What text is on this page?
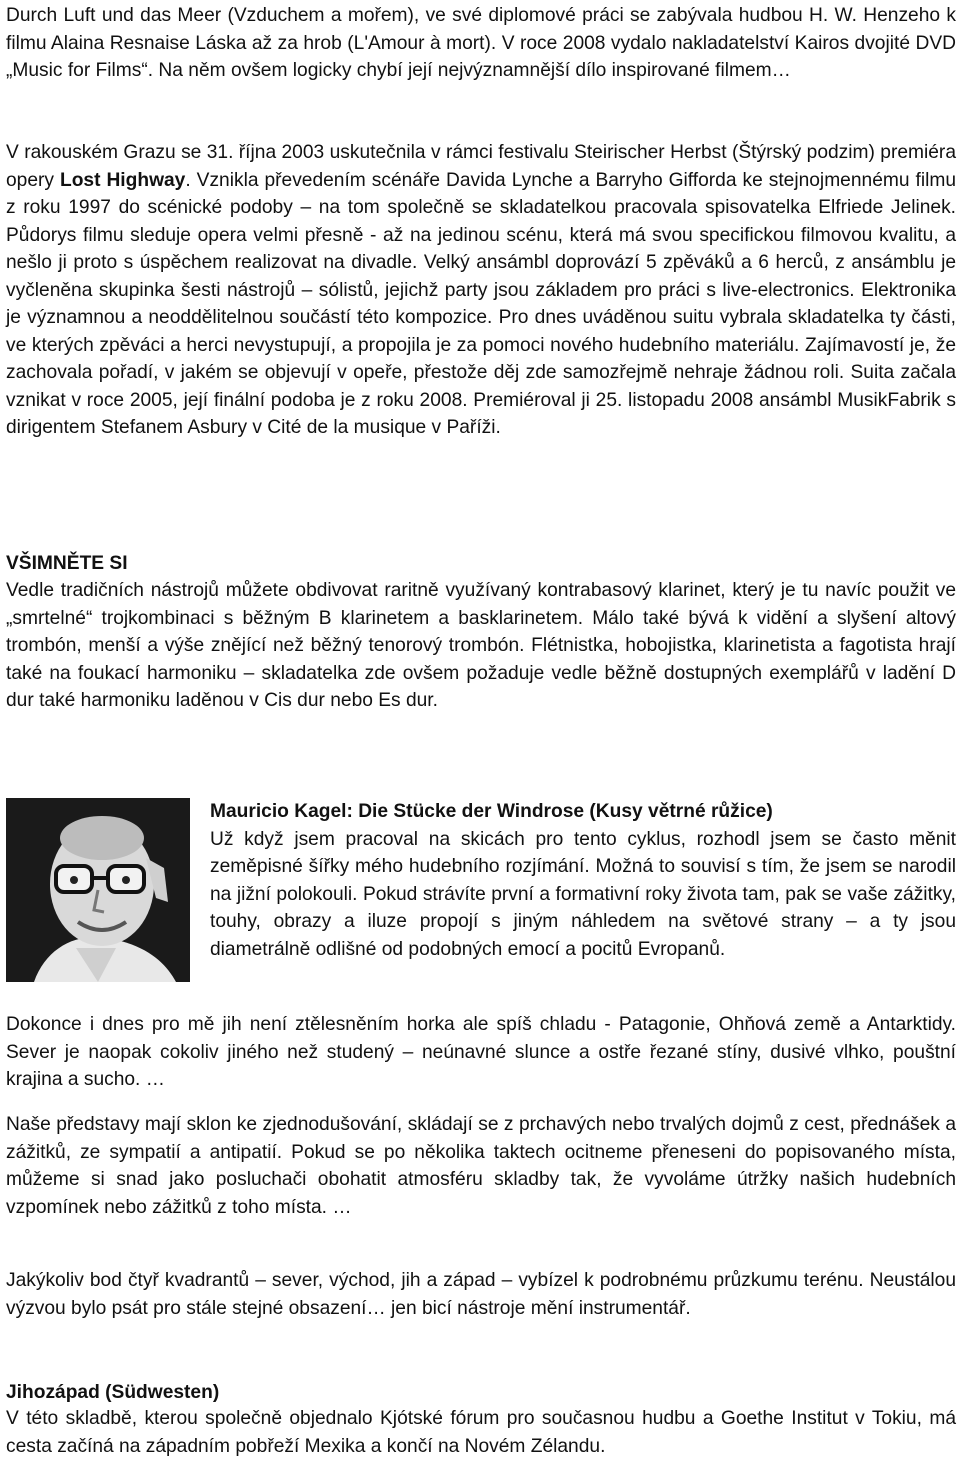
Durch Luft und das Meer (Vzduchem a mořem), ve své diplomové práci se zabývala hudbou H. W. Henzeho k filmu Alaina Resnaise Láska až za hrob (L'Amour à mort). V roce 2008 vydalo nakladatelství Kairos dvojité DVD „Music for Films“. Na něm ovšem logicky chybí její nejvýznamnější dílo inspirované filmem…

V rakouském Grazu se 31. října 2003 uskutečnila v rámci festivalu Steirischer Herbst (Štýrský podzim) premiéra opery Lost Highway. Vznikla převedením scénáře Davida Lynche a Barryho Gifforda ke stejnojmennému filmu z roku 1997 do scénické podoby – na tom společně se skladatelkou pracovala spisovatelka Elfriede Jelinek. Půdorys filmu sleduje opera velmi přesně - až na jedinou scénu, která má svou specifickou filmovou kvalitu, a nešlo ji proto s úspěchem realizovat na divadle. Velký ansámbl doprovází 5 zpěváků a 6 herců, z ansámblu je vyčleněna skupinka šesti nástrojů – sólistů, jejichž party jsou základem pro práci s live-electronics. Elektronika je významnou a neoddělitelnou součástí této kompozice. Pro dnes uváděnou suitu vybrala skladatelka ty části, ve kterých zpěváci a herci nevystupují, a propojila je za pomoci nového hudebního materiálu. Zajímavostí je, že zachovala pořadí, v jakém se objevují v opeře, přestože děj zde samozřejmě nehraje žádnou roli. Suita začala vznikat v roce 2005, její finální podoba je z roku 2008. Premiéroval ji 25. listopadu 2008 ansámbl MusikFabrik s dirigentem Stefanem Asbury v Cité de la musique v Paříži.

VŠIMNĚTE SI

Vedle tradičních nástrojů můžete obdivovat raritně využívaný kontrabasový klarinet, který je tu navíc použit ve „smrtelné“ trojkombinaci s běžným B klarinetem a basklarinetem. Málo také bývá k vidění a slyšení altový trombón, menší a výše znějící než běžný tenorový trombón. Flétnistka, hobojistka, klarinetista a fagotista hrají také na foukací harmoniku – skladatelka zde ovšem požaduje vedle běžně dostupných exemplářů v ladění D dur také harmoniku laděnou v Cis dur nebo Es dur.

Mauricio Kagel: Die Stücke der Windrose (Kusy větrné růžice)

Už když jsem pracoval na skicách pro tento cyklus, rozhodl jsem se často měnit zeměpisné šířky mého hudebního rozjímání. Možná to souvisí s tím, že jsem se narodil na jižní polokouli. Pokud strávíte první a formativní roky života tam, pak se vaše zážitky, touhy, obrazy a iluze propojí s jiným náhledem na světové strany – a ty jsou diametrálně odlišné od podobných emocí a pocitů Evropanů.

Dokonce i dnes pro mě jih není ztělesněním horka ale spíš chladu - Patagonie, Ohňová země a Antarktidy. Sever je naopak cokoliv jiného než studený – neúnavné slunce a ostře řezané stíny, dusivé vlhko, pouštní krajina a sucho. …

Naše představy mají sklon ke zjednodušování, skládají se z prchavých nebo trvalých dojmů z cest, přednášek a zážitků, ze sympatií a antipatií. Pokud se po několika taktech ocitneme přeneseni do popisovaného místa, můžeme si snad jako posluchači obohatit atmosféru skladby tak, že vyvoláme útržky našich hudebních vzpomínek nebo zážitků z toho místa. …

Jakýkoliv bod čtyř kvadrantů – sever, východ, jih a západ – vybízel k podrobnému průzkumu terénu. Neustálou výzvou bylo psát pro stále stejné obsazení… jen bicí nástroje mění instrumentář.

Jihozápad (Südwesten)

V této skladbě, kterou společně objednalo Kjótské fórum pro současnou hudbu a Goethe Institut v Tokiu, má cesta začíná na západním pobřeží Mexika a končí na Novém Zélandu.
